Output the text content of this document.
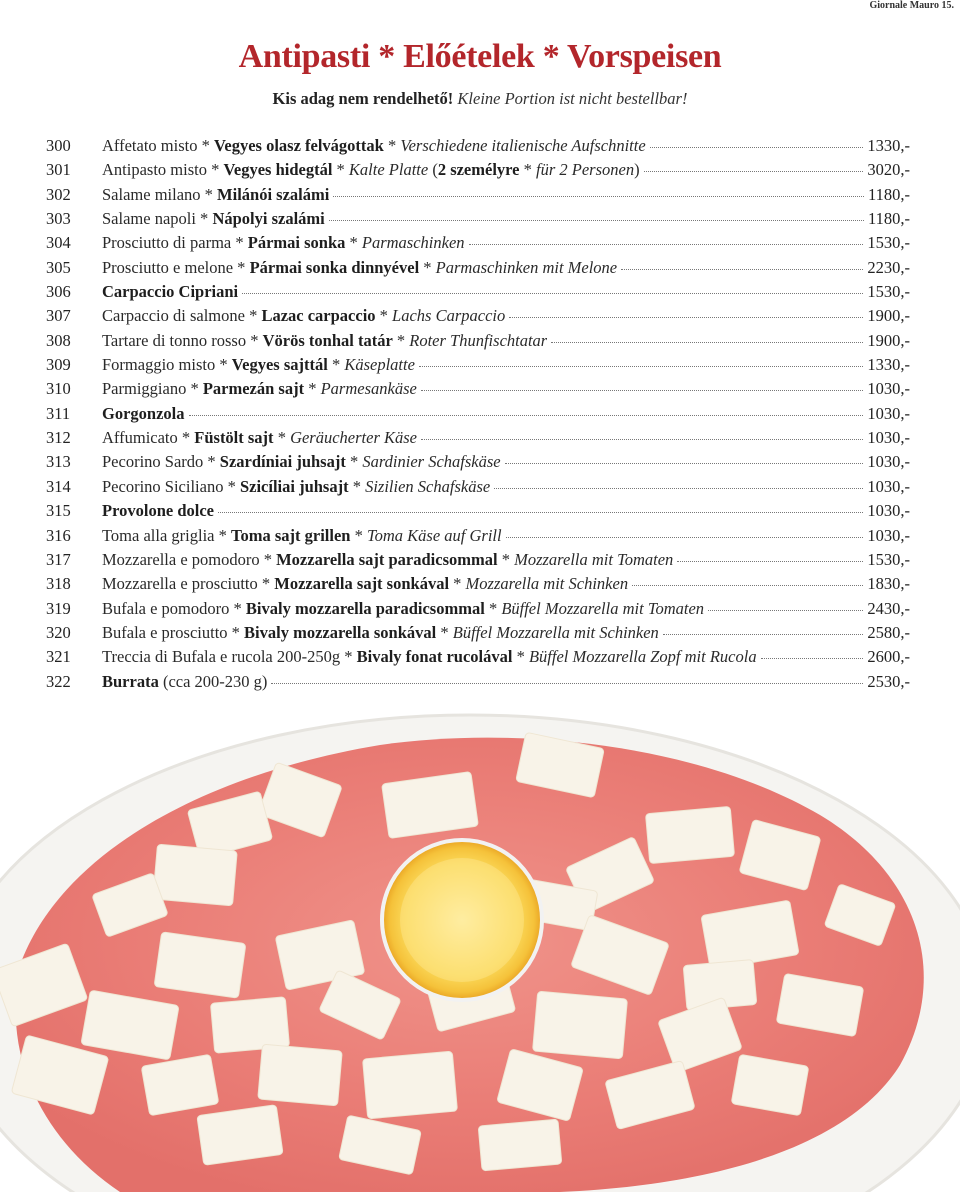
Giornale Mauro 15.
Antipasti * Előételek * Vorspeisen
Kis adag nem rendelhető! Kleine Portion ist nicht bestellbar!
300	Affetato misto * Vegyes olasz felvágottak * Verschiedene italienische Aufschnitte	1330,-
301	Antipasto misto * Vegyes hidegtál * Kalte Platte (2 személyre * für 2 Personen)	3020,-
302	Salame milano * Milánói szalámi	1180,-
303	Salame napoli * Nápolyi szalámi	1180,-
304	Prosciutto di parma * Pármai sonka * Parmaschinken	1530,-
305	Prosciutto e melone * Pármai sonka dinnyével * Parmaschinken mit Melone	2230,-
306	Carpaccio Cipriani	1530,-
307	Carpaccio di salmone * Lazac carpaccio * Lachs Carpaccio	1900,-
308	Tartare di tonno rosso * Vörös tonhal tatár * Roter Thunfischtatar	1900,-
309	Formaggio misto * Vegyes sajttál * Käseplatte	1330,-
310	Parmiggiano * Parmezán sajt * Parmesankäse	1030,-
311	Gorgonzola	1030,-
312	Affumicato * Füstölt sajt * Geräucherter Käse	1030,-
313	Pecorino Sardo * Szardíniai juhsajt * Sardinier Schafskäse	1030,-
314	Pecorino Siciliano * Szicíliai juhsajt * Sizilien Schafskäse	1030,-
315	Provolone dolce	1030,-
316	Toma alla griglia * Toma sajt grillen * Toma Käse auf Grill	1030,-
317	Mozzarella e pomodoro * Mozzarella sajt paradicsommal * Mozzarella mit Tomaten	1530,-
318	Mozzarella e prosciutto * Mozzarella sajt sonkával * Mozzarella mit Schinken	1830,-
319	Bufala e pomodoro * Bivaly mozzarella paradicsommal * Büffel Mozzarella mit Tomaten	2430,-
320	Bufala e prosciutto * Bivaly mozzarella sonkával * Büffel Mozzarella mit Schinken	2580,-
321	Treccia di Bufala e rucola 200-250g * Bivaly fonat rucolával * Büffel Mozzarella Zopf mit Rucola	2600,-
322	Burrata (cca 200-230 g)	2530,-
